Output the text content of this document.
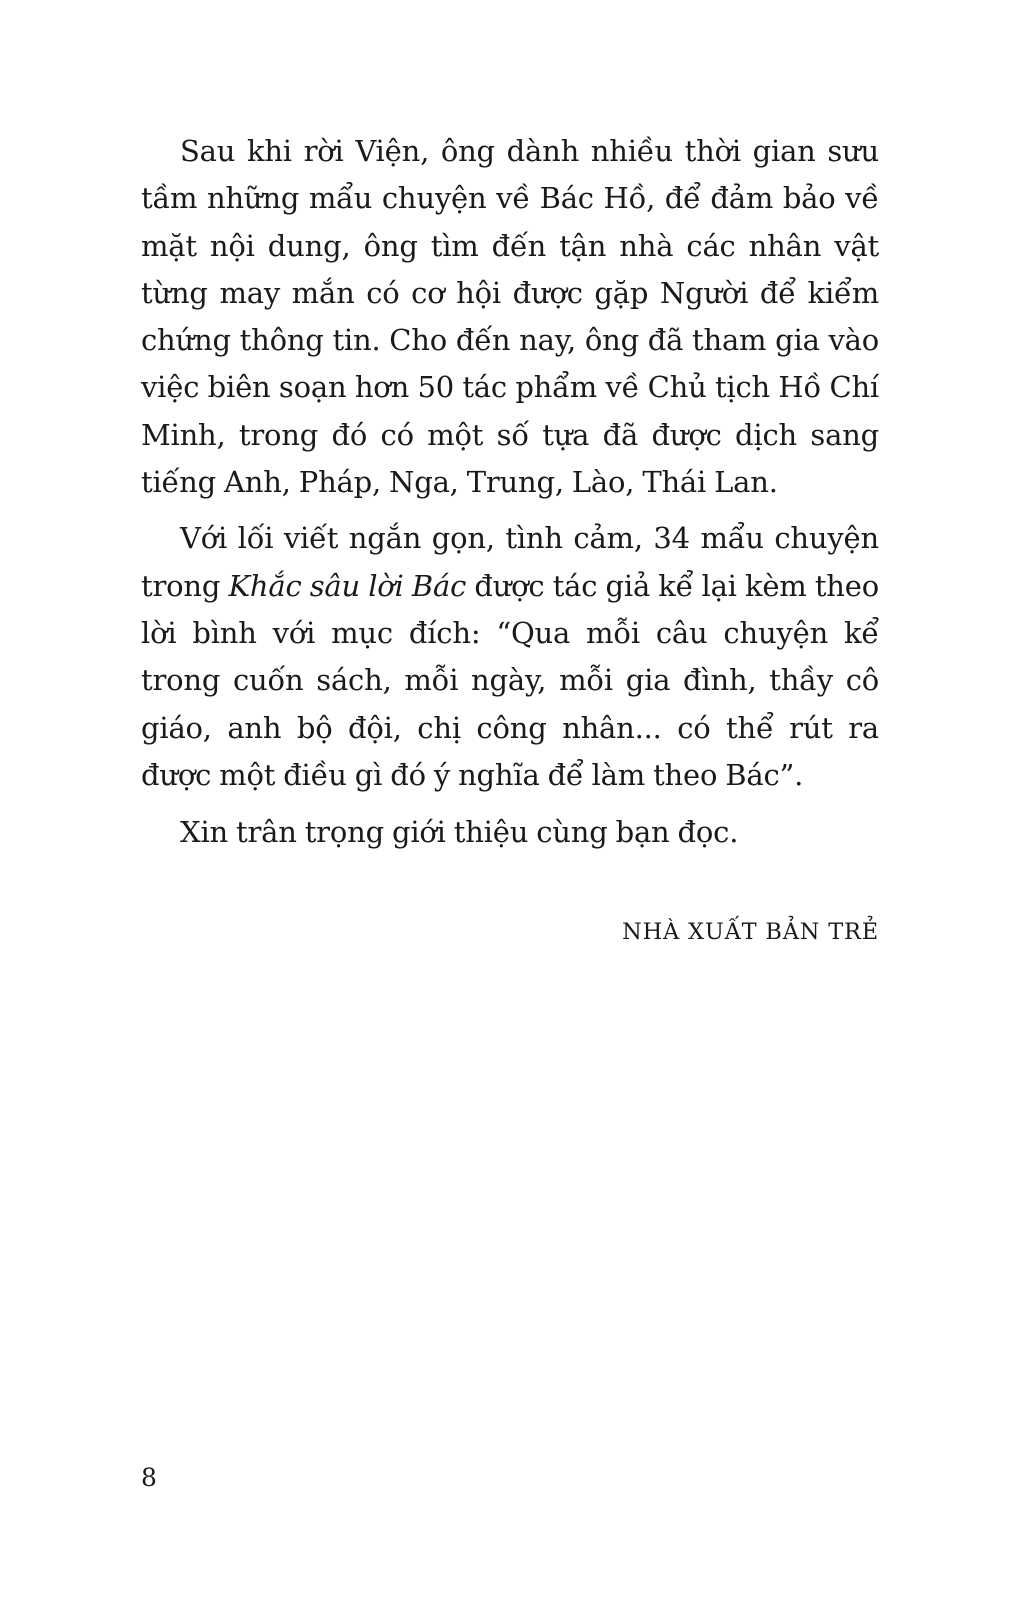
Sau khi rời Viện, ông dành nhiều thời gian sưu tầm những mẩu chuyện về Bác Hồ, để đảm bảo về mặt nội dung, ông tìm đến tận nhà các nhân vật từng may mắn có cơ hội được gặp Người để kiểm chứng thông tin. Cho đến nay, ông đã tham gia vào việc biên soạn hơn 50 tác phẩm về Chủ tịch Hồ Chí Minh, trong đó có một số tựa đã được dịch sang tiếng Anh, Pháp, Nga, Trung, Lào, Thái Lan.

Với lối viết ngắn gọn, tình cảm, 34 mẩu chuyện trong Khắc sâu lời Bác được tác giả kể lại kèm theo lời bình với mục đích: “Qua mỗi câu chuyện kể trong cuốn sách, mỗi ngày, mỗi gia đình, thầy cô giáo, anh bộ đội, chị công nhân... có thể rút ra được một điều gì đó ý nghĩa để làm theo Bác”.

Xin trân trọng giới thiệu cùng bạn đọc.

NHÀ XUẤT BẢN TRẺ
8
